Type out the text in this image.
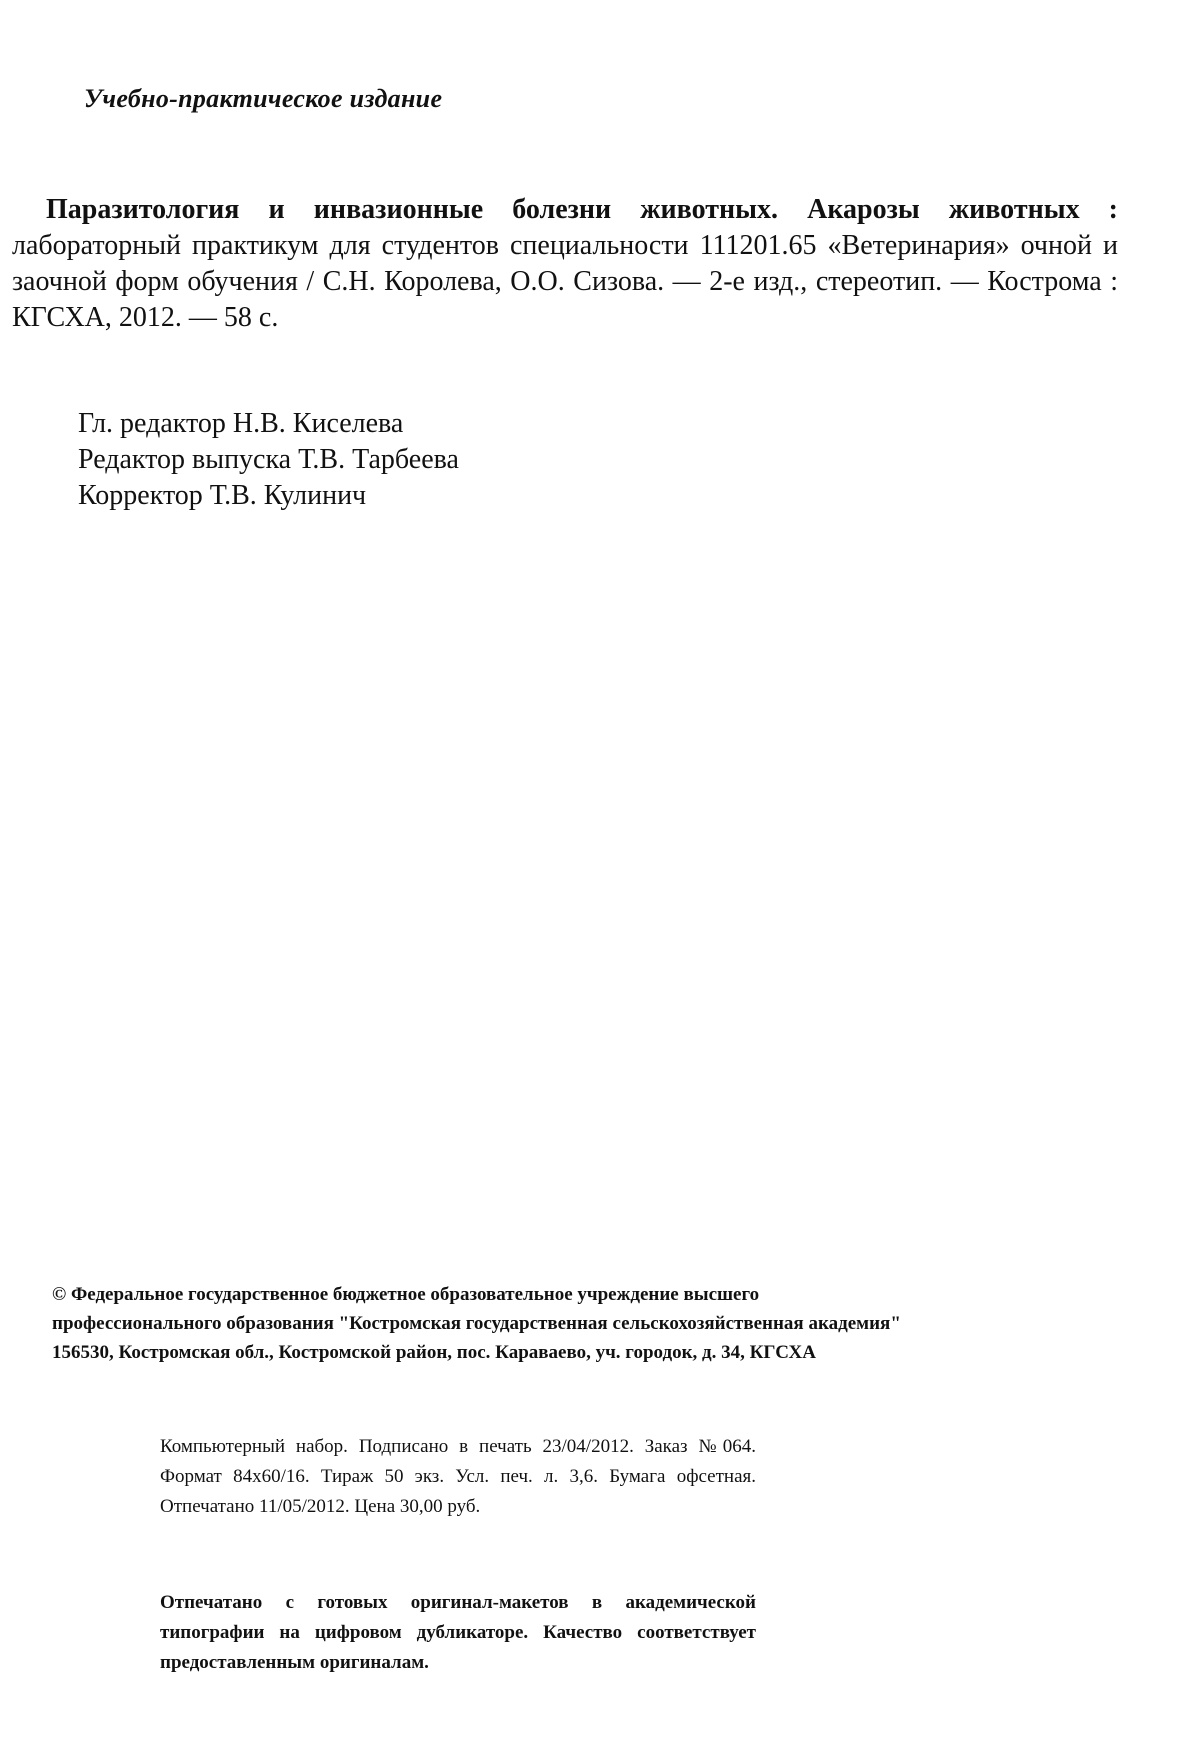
Учебно-практическое издание
Паразитология и инвазионные болезни животных. Акарозы животных : лабораторный практикум для студентов специальности 111201.65 «Ветеринария» очной и заочной форм обучения / С.Н. Королева, О.О. Сизова. — 2-е изд., стереотип. — Кострома : КГСХА, 2012. — 58 с.
Гл. редактор Н.В. Киселева
Редактор выпуска Т.В. Тарбеева
Корректор Т.В. Кулинич
© Федеральное государственное бюджетное образовательное учреждение высшего
профессионального образования "Костромская государственная сельскохозяйственная академия"
156530, Костромская обл., Костромской район, пос. Караваево, уч. городок, д. 34, КГСХА
Компьютерный набор. Подписано в печать 23/04/2012. Заказ №064. Формат 84х60/16. Тираж 50 экз. Усл. печ. л. 3,6. Бумага офсетная. Отпечатано 11/05/2012. Цена 30,00 руб.
Отпечатано с готовых оригинал-макетов в академической типографии на цифровом дубликаторе. Качество соответствует предоставленным оригиналам.
